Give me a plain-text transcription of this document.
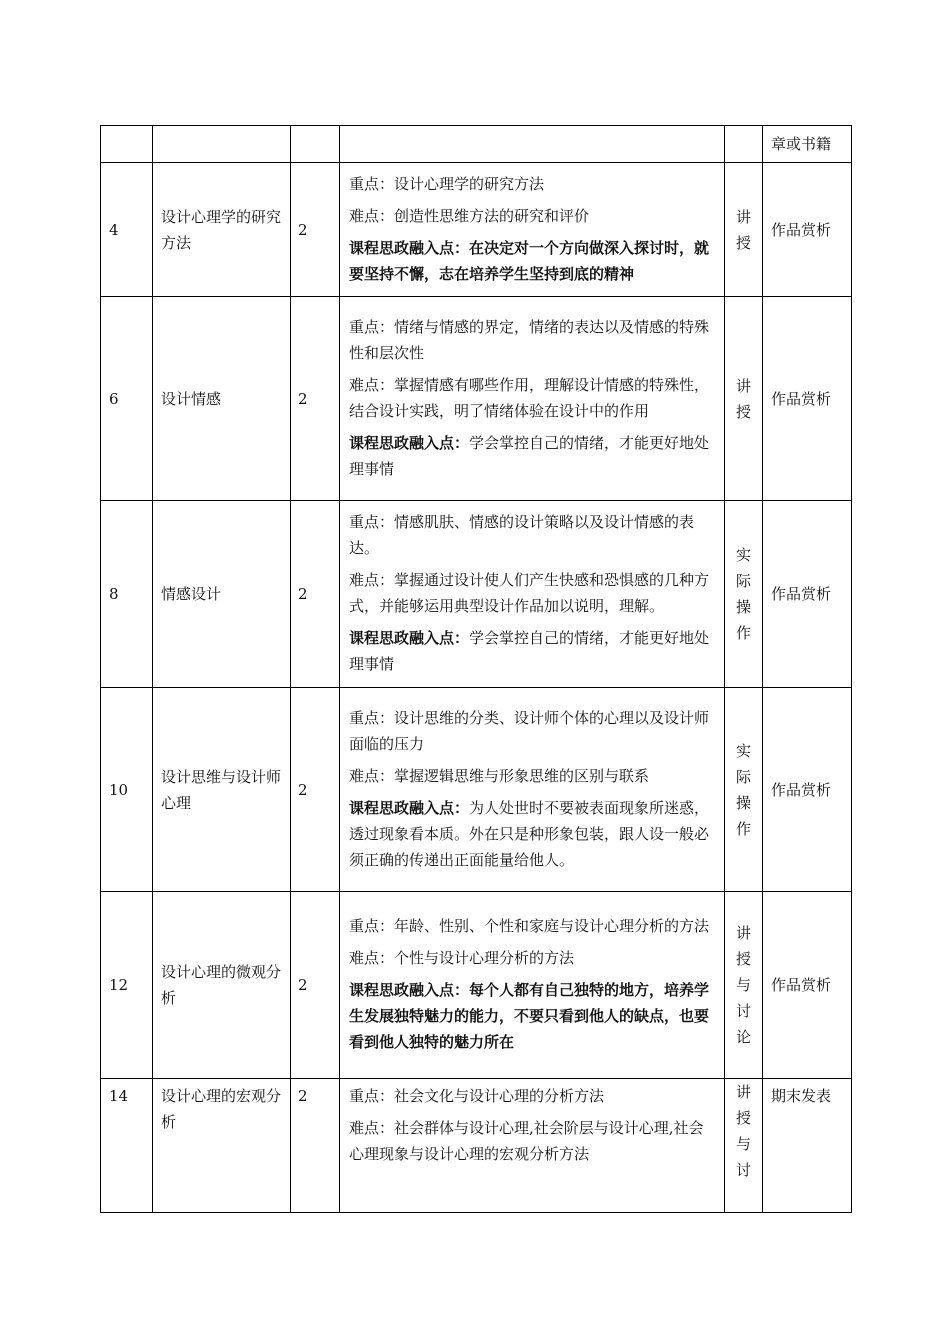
					章或书籍
4	设计心理学的研究方法	2	重点：设计心理学的研究方法

难点：创造性思维方法的研究和评价

课程思政融入点：在决定对一个方向做深入探讨时，就要坚持不懈，志在培养学生坚持到底的精神	讲授	作品赏析
6	设计情感	2	重点：情绪与情感的界定，情绪的表达以及情感的特殊性和层次性

难点：掌握情感有哪些作用，理解设计情感的特殊性，结合设计实践，明了情绪体验在设计中的作用

课程思政融入点：学会掌控自己的情绪，才能更好地处理事情	讲授	作品赏析
8	情感设计	2	重点：情感肌肤、情感的设计策略以及设计情感的表达。

难点：掌握通过设计使人们产生快感和恐惧感的几种方式，并能够运用典型设计作品加以说明，理解。

课程思政融入点：学会掌控自己的情绪，才能更好地处理事情	实际操作	作品赏析
10	设计思维与设计师心理	2	重点：设计思维的分类、设计师个体的心理以及设计师面临的压力

难点：掌握逻辑思维与形象思维的区别与联系

课程思政融入点：为人处世时不要被表面现象所迷惑，透过现象看本质。外在只是种形象包装，跟人设一般必须正确的传递出正面能量给他人。	实际操作	作品赏析
12	设计心理的微观分析	2	重点：年龄、性别、个性和家庭与设计心理分析的方法

难点：个性与设计心理分析的方法

课程思政融入点：每个人都有自己独特的地方，培养学生发展独特魅力的能力，不要只看到他人的缺点，也要看到他人独特的魅力所在	讲授与讨论	作品赏析
14	设计心理的宏观分析	2	重点：社会文化与设计心理的分析方法

难点：社会群体与设计心理,社会阶层与设计心理,社会心理现象与设计心理的宏观分析方法	讲授与讨	期末发表
